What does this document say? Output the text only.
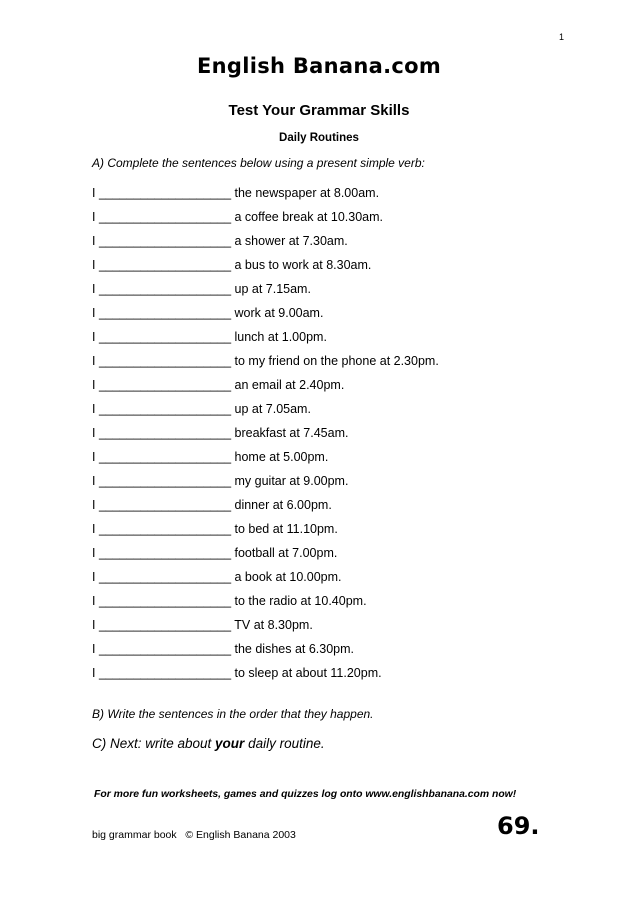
1
English Banana.com
Test Your Grammar Skills
Daily Routines
A) Complete the sentences below using a present simple verb:
I ___________________ the newspaper at 8.00am.
I ___________________ a coffee break at 10.30am.
I ___________________ a shower at 7.30am.
I ___________________ a bus to work at 8.30am.
I ___________________ up at 7.15am.
I ___________________ work at 9.00am.
I ___________________ lunch at 1.00pm.
I ___________________ to my friend on the phone at 2.30pm.
I ___________________ an email at 2.40pm.
I ___________________ up at 7.05am.
I ___________________ breakfast at 7.45am.
I ___________________ home at 5.00pm.
I ___________________ my guitar at 9.00pm.
I ___________________ dinner at 6.00pm.
I ___________________ to bed at 11.10pm.
I ___________________ football at 7.00pm.
I ___________________ a book at 10.00pm.
I ___________________ to the radio at 10.40pm.
I ___________________ TV at 8.30pm.
I ___________________ the dishes at 6.30pm.
I ___________________ to sleep at about 11.20pm.
B) Write the sentences in the order that they happen.
C) Next: write about your daily routine.
For more fun worksheets, games and quizzes log onto www.englishbanana.com now!
big grammar book   © English Banana 2003	69.
